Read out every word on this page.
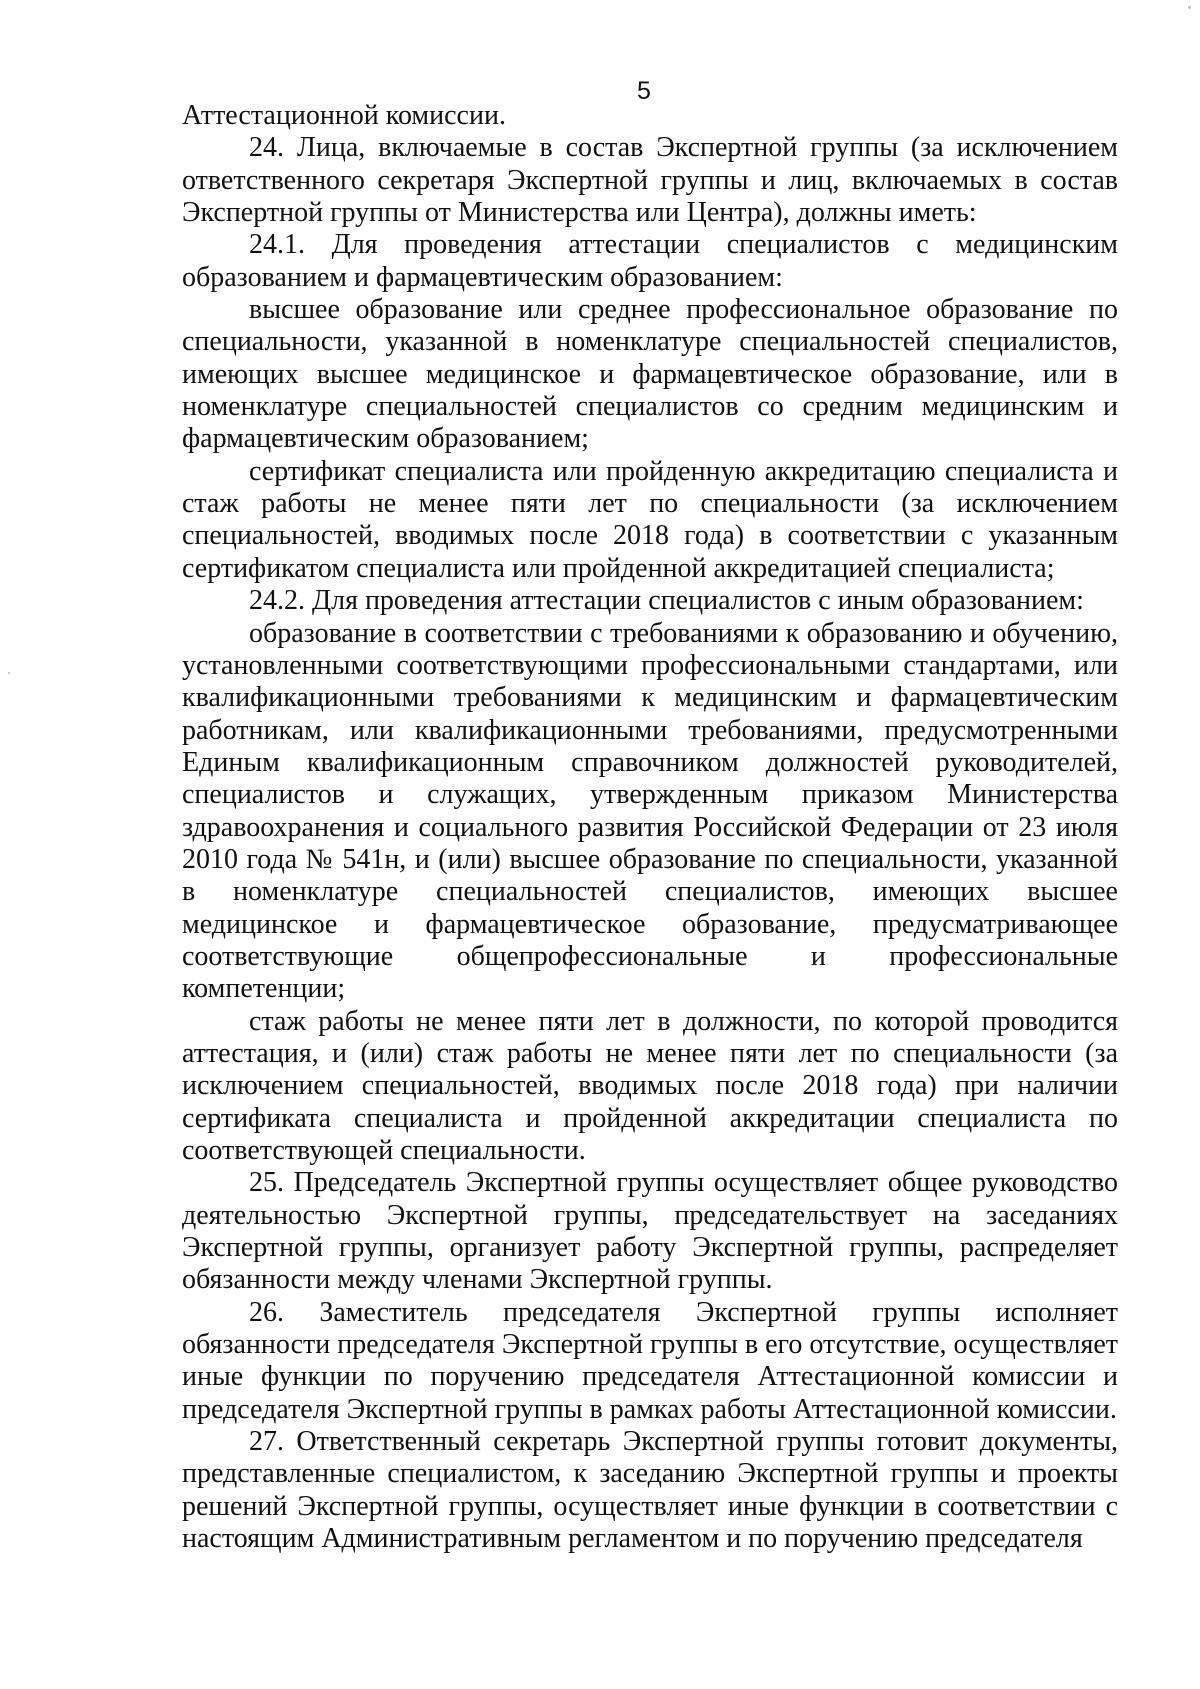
5

Аттестационной комиссии.

24. Лица, включаемые в состав Экспертной группы (за исключением ответственного секретаря Экспертной группы и лиц, включаемых в состав Экспертной группы от Министерства или Центра), должны иметь:

24.1. Для проведения аттестации специалистов с медицинским образованием и фармацевтическим образованием:

высшее образование или среднее профессиональное образование по специальности, указанной в номенклатуре специальностей специалистов, имеющих высшее медицинское и фармацевтическое образование, или в номенклатуре специальностей специалистов со средним медицинским и фармацевтическим образованием;

сертификат специалиста или пройденную аккредитацию специалиста и стаж работы не менее пяти лет по специальности (за исключением специальностей, вводимых после 2018 года) в соответствии с указанным сертификатом специалиста или пройденной аккредитацией специалиста;

24.2. Для проведения аттестации специалистов с иным образованием:

образование в соответствии с требованиями к образованию и обучению, установленными соответствующими профессиональными стандартами, или квалификационными требованиями к медицинским и фармацевтическим работникам, или квалификационными требованиями, предусмотренными Единым квалификационным справочником должностей руководителей, специалистов и служащих, утвержденным приказом Министерства здравоохранения и социального развития Российской Федерации от 23 июля 2010 года № 541н, и (или) высшее образование по специальности, указанной в номенклатуре специальностей специалистов, имеющих высшее медицинское и фармацевтическое образование, предусматривающее соответствующие общепрофессиональные и профессиональные компетенции;

стаж работы не менее пяти лет в должности, по которой проводится аттестация, и (или) стаж работы не менее пяти лет по специальности (за исключением специальностей, вводимых после 2018 года) при наличии сертификата специалиста и пройденной аккредитации специалиста по соответствующей специальности.

25. Председатель Экспертной группы осуществляет общее руководство деятельностью Экспертной группы, председательствует на заседаниях Экспертной группы, организует работу Экспертной группы, распределяет обязанности между членами Экспертной группы.

26. Заместитель председателя Экспертной группы исполняет обязанности председателя Экспертной группы в его отсутствие, осуществляет иные функции по поручению председателя Аттестационной комиссии и председателя Экспертной группы в рамках работы Аттестационной комиссии.

27. Ответственный секретарь Экспертной группы готовит документы, представленные специалистом, к заседанию Экспертной группы и проекты решений Экспертной группы, осуществляет иные функции в соответствии с настоящим Административным регламентом и по поручению председателя
